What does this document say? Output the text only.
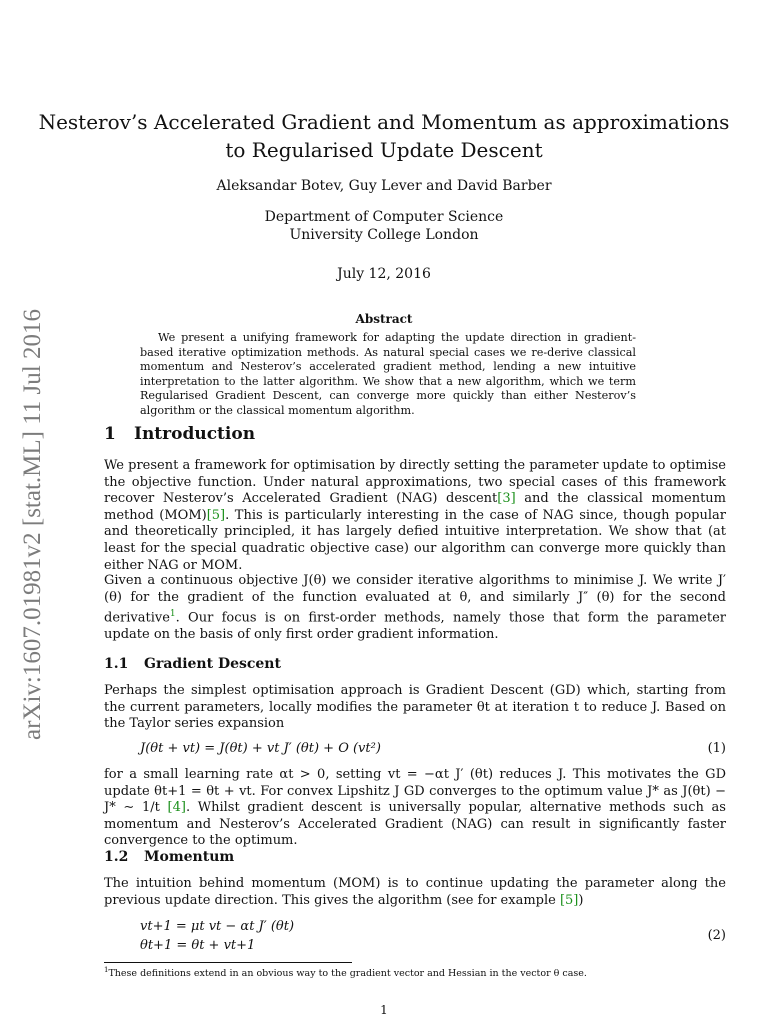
arXiv:1607.01981v2 [stat.ML] 11 Jul 2016
Nesterov’s Accelerated Gradient and Momentum as approximations
to Regularised Update Descent
Aleksandar Botev, Guy Lever and David Barber
Department of Computer Science
University College London
July 12, 2016
Abstract
We present a unifying framework for adapting the update direction in gradient-based iterative optimization methods. As natural special cases we re-derive classical momentum and Nesterov’s accelerated gradient method, lending a new intuitive interpretation to the latter algorithm. We show that a new algorithm, which we term Regularised Gradient Descent, can converge more quickly than either Nesterov’s algorithm or the classical momentum algorithm.
1 Introduction
We present a framework for optimisation by directly setting the parameter update to optimise the objective function. Under natural approximations, two special cases of this framework recover Nesterov’s Accelerated Gradient (NAG) descent[3] and the classical momentum method (MOM)[5]. This is particularly interesting in the case of NAG since, though popular and theoretically principled, it has largely defied intuitive interpretation. We show that (at least for the special quadratic objective case) our algorithm can converge more quickly than either NAG or MOM.
Given a continuous objective J(θ) we consider iterative algorithms to minimise J. We write J′ (θ) for the gradient of the function evaluated at θ, and similarly J″ (θ) for the second derivative$^1$. Our focus is on first-order methods, namely those that form the parameter update on the basis of only first order gradient information.
1.1 Gradient Descent
Perhaps the simplest optimisation approach is Gradient Descent (GD) which, starting from the current parameters, locally modifies the parameter θt at iteration t to reduce J. Based on the Taylor series expansion
J(θt + vt) = J(θt) + vt J′ (θt) + O (vt²)	(1)
for a small learning rate αt > 0, setting vt = −αt J′ (θt) reduces J. This motivates the GD update θt+1 = θt + vt. For convex Lipshitz J GD converges to the optimum value J* as J(θt) − J* ∼ 1/t [4]. Whilst gradient descent is universally popular, alternative methods such as momentum and Nesterov’s Accelerated Gradient (NAG) can result in significantly faster convergence to the optimum.
1.2 Momentum
The intuition behind momentum (MOM) is to continue updating the parameter along the previous update direction. This gives the algorithm (see for example [5])
vt+1 = μt vt − αt J′ (θt)
θt+1 = θt + vt+1
(2)
$^1$These definitions extend in an obvious way to the gradient vector and Hessian in the vector θ case.
1
